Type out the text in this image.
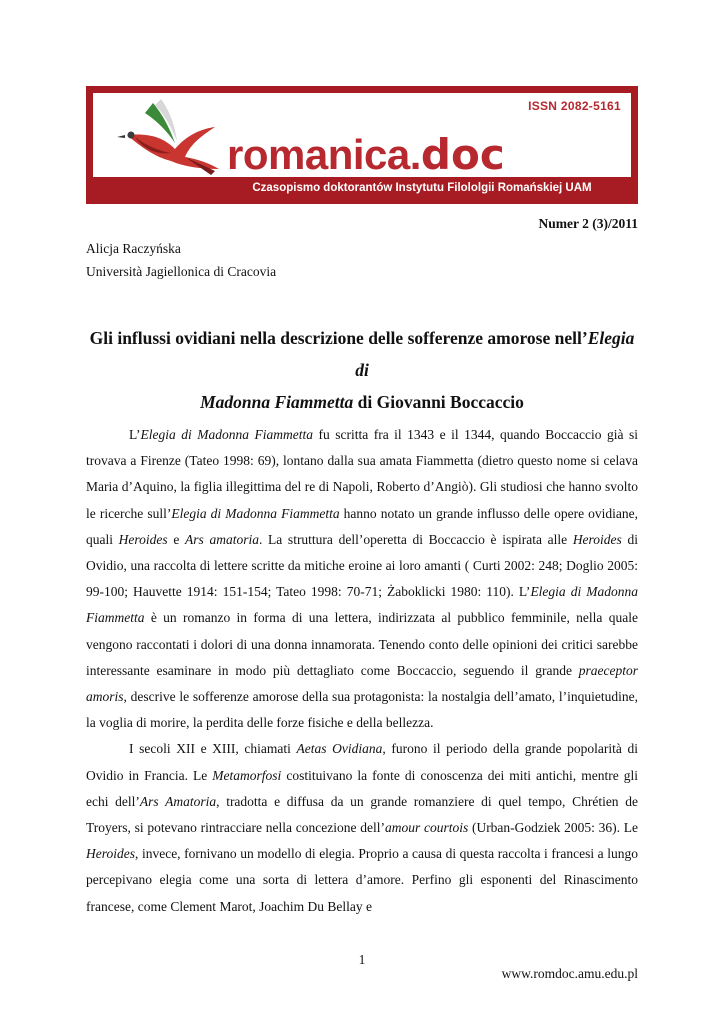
ISSN 2082-5161
romanica.doc
Czasopismo doktorantów Instytutu Filololgii Romańskiej UAM
Numer 2 (3)/2011
Alicja Raczyńska
Università Jagiellonica di Cracovia
Gli influssi ovidiani nella descrizione delle sofferenze amorose nell’Elegia di
Madonna Fiammetta di Giovanni Boccaccio

L’Elegia di Madonna Fiammetta fu scritta fra il 1343 e il 1344, quando Boccaccio già si trovava a Firenze (Tateo 1998: 69), lontano dalla sua amata Fiammetta (dietro questo nome si celava Maria d’Aquino, la figlia illegittima del re di Napoli, Roberto d’Angiò). Gli studiosi che hanno svolto le ricerche sull’Elegia di Madonna Fiammetta hanno notato un grande influsso delle opere ovidiane, quali Heroides e Ars amatoria. La struttura dell’operetta di Boccaccio è ispirata alle Heroides di Ovidio, una raccolta di lettere scritte da mitiche eroine ai loro amanti ( Curti 2002: 248; Doglio 2005: 99-100; Hauvette 1914: 151-154; Tateo 1998: 70-71; Żaboklicki 1980: 110). L’Elegia di Madonna Fiammetta è un romanzo in forma di una lettera, indirizzata al pubblico femminile, nella quale vengono raccontati i dolori di una donna innamorata. Tenendo conto delle opinioni dei critici sarebbe interessante esaminare in modo più dettagliato come Boccaccio, seguendo il grande praeceptor amoris, descrive le sofferenze amorose della sua protagonista: la nostalgia dell’amato, l’inquietudine, la voglia di morire, la perdita delle forze fisiche e della bellezza.

I secoli XII e XIII, chiamati Aetas Ovidiana, furono il periodo della grande popolarità di Ovidio in Francia. Le Metamorfosi costituivano la fonte di conoscenza dei miti antichi, mentre gli echi dell’Ars Amatoria, tradotta e diffusa da un grande romanziere di quel tempo, Chrétien de Troyers, si potevano rintracciare nella concezione dell’amour courtois (Urban-Godziek 2005: 36). Le Heroides, invece, fornivano un modello di elegia. Proprio a causa di questa raccolta i francesi a lungo percepivano elegia come una sorta di lettera d’amore. Perfino gli esponenti del Rinascimento francese, come Clement Marot, Joachim Du Bellay e

1
www.romdoc.amu.edu.pl
